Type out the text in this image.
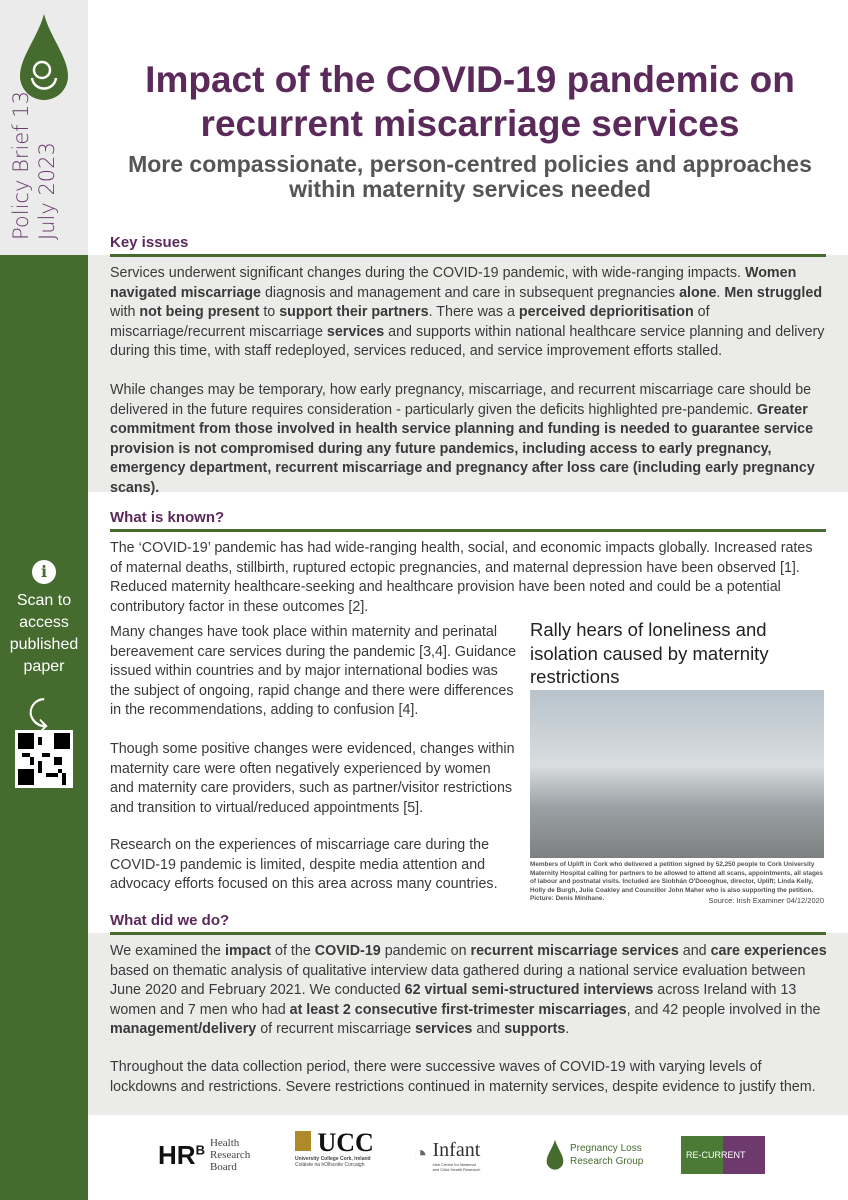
Policy Brief 13 July 2023
i
Scan to access published paper
⤹
Impact of the COVID-19 pandemic on recurrent miscarriage services
More compassionate, person-centred policies and approaches within maternity services needed
Key issues

Services underwent significant changes during the COVID-19 pandemic, with wide-ranging impacts. Women navigated miscarriage diagnosis and management and care in subsequent pregnancies alone. Men struggled with not being present to support their partners. There was a perceived deprioritisation of miscarriage/recurrent miscarriage services and supports within national healthcare service planning and delivery during this time, with staff redeployed, services reduced, and service improvement efforts stalled.

While changes may be temporary, how early pregnancy, miscarriage, and recurrent miscarriage care should be delivered in the future requires consideration - particularly given the deficits highlighted pre-pandemic. Greater commitment from those involved in health service planning and funding is needed to guarantee service provision is not compromised during any future pandemics, including access to early pregnancy, emergency department, recurrent miscarriage and pregnancy after loss care (including early pregnancy scans).

What is known?

The ‘COVID-19’ pandemic has had wide-ranging health, social, and economic impacts globally. Increased rates of maternal deaths, stillbirth, ruptured ectopic pregnancies, and maternal depression have been observed [1]. Reduced maternity healthcare-seeking and healthcare provision have been noted and could be a potential contributory factor in these outcomes [2].

Many changes have took place within maternity and perinatal bereavement care services during the pandemic [3,4]. Guidance issued within countries and by major international bodies was the subject of ongoing, rapid change and there were differences in the recommendations, adding to confusion [4].

Though some positive changes were evidenced, changes within maternity care were often negatively experienced by women and maternity care providers, such as partner/visitor restrictions and transition to virtual/reduced appointments [5].

Research on the experiences of miscarriage care during the COVID-19 pandemic is limited, despite media attention and advocacy efforts focused on this area across many countries.

Rally hears of loneliness and isolation caused by maternity restrictions
Members of Uplift in Cork who delivered a petition signed by 52,250 people to Cork University Maternity Hospital calling for partners to be allowed to attend all scans, appointments, all stages of labour and postnatal visits. Included are Siobhán O'Donoghue, director, Uplift; Linda Kelly, Holly de Burgh, Julie Coakley and Councillor John Maher who is also supporting the petition. Picture: Denis Minihane.	Source: Irish Examiner 04/12/2020
What did we do?

We examined the impact of the COVID-19 pandemic on recurrent miscarriage services and care experiences based on thematic analysis of qualitative interview data gathered during a national service evaluation between June 2020 and February 2021. We conducted 62 virtual semi-structured interviews across Ireland with 13 women and 7 men who had at least 2 consecutive first-trimester miscarriages, and 42 people involved in the management/delivery of recurrent miscarriage services and supports.

Throughout the data collection period, there were successive waves of COVID-19 with varying levels of lockdowns and restrictions. Severe restrictions continued in maternity services, despite evidence to justify them.

$HR^B$ Health Research Board
UCC
University College Cork, Ireland
Coláiste na hOllscoile Corcaigh ◔ Infant
Irish Centre for Maternal and Child Health Research
Pregnancy Loss Research Group
RE-CURRENT
